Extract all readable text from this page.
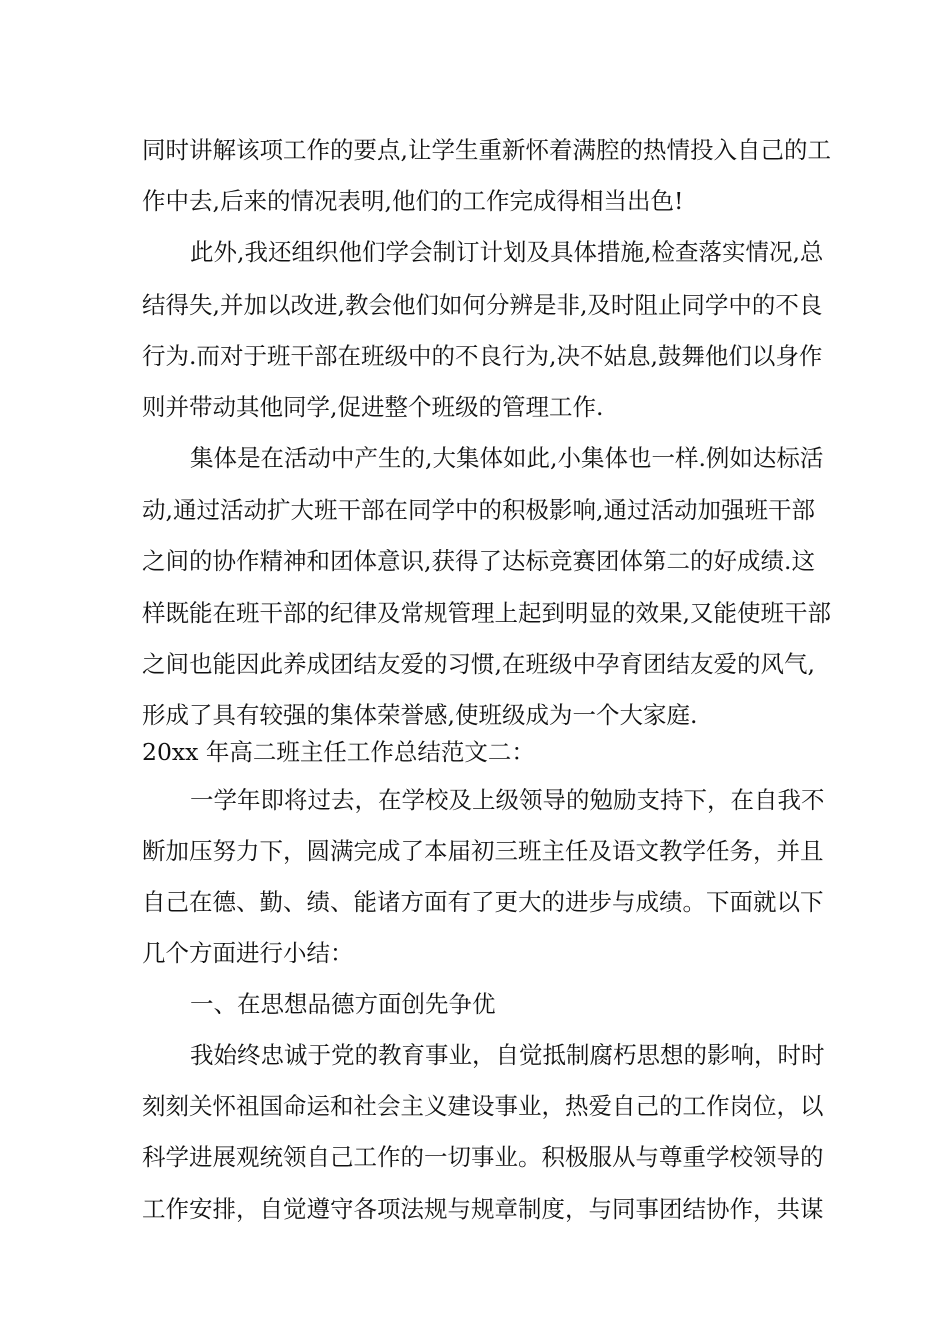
同时讲解该项工作的要点,让学生重新怀着满腔的热情投入自己的工
作中去,后来的情况表明,他们的工作完成得相当出色!
此外,我还组织他们学会制订计划及具体措施,检查落实情况,总
结得失,并加以改进,教会他们如何分辨是非,及时阻止同学中的不良
行为.而对于班干部在班级中的不良行为,决不姑息,鼓舞他们以身作
则并带动其他同学,促进整个班级的管理工作.
集体是在活动中产生的,大集体如此,小集体也一样.例如达标活
动,通过活动扩大班干部在同学中的积极影响,通过活动加强班干部
之间的协作精神和团体意识,获得了达标竞赛团体第二的好成绩.这
样既能在班干部的纪律及常规管理上起到明显的效果,又能使班干部
之间也能因此养成团结友爱的习惯,在班级中孕育团结友爱的风气,
形成了具有较强的集体荣誉感,使班级成为一个大家庭.
20xx 年高二班主任工作总结范文二：
一学年即将过去，在学校及上级领导的勉励支持下，在自我不
断加压努力下，圆满完成了本届初三班主任及语文教学任务，并且
自己在德、勤、绩、能诸方面有了更大的进步与成绩。下面就以下
几个方面进行小结：
一、在思想品德方面创先争优
我始终忠诚于党的教育事业，自觉抵制腐朽思想的影响，时时
刻刻关怀祖国命运和社会主义建设事业，热爱自己的工作岗位，以
科学进展观统领自己工作的一切事业。积极服从与尊重学校领导的
工作安排，自觉遵守各项法规与规章制度，与同事团结协作，共谋
